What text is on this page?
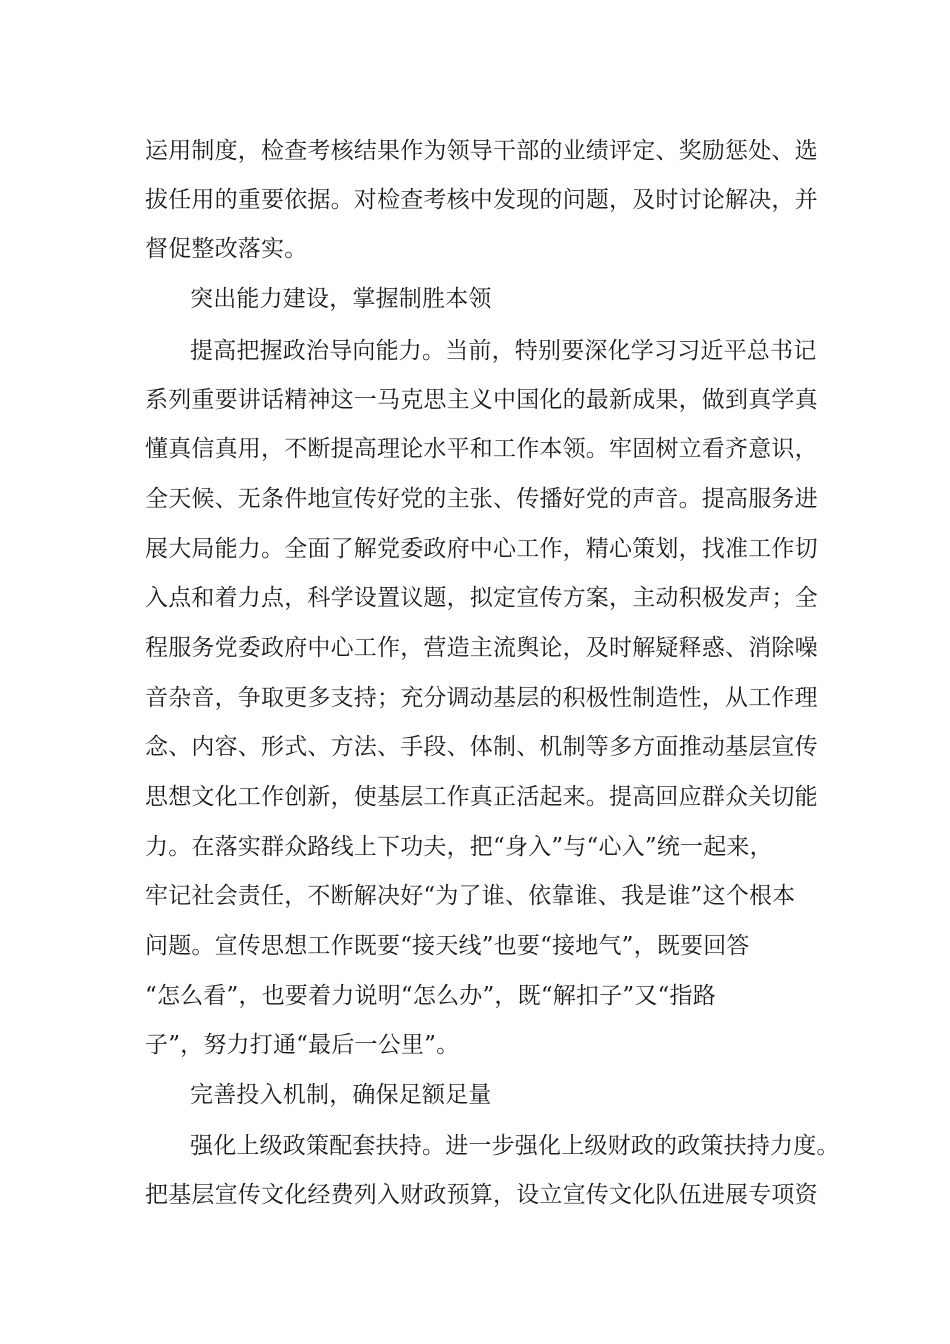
运用制度，检查考核结果作为领导干部的业绩评定、奖励惩处、选
拔任用的重要依据。对检查考核中发现的问题，及时讨论解决，并
督促整改落实。
突出能力建设，掌握制胜本领
提高把握政治导向能力。当前，特别要深化学习习近平总书记
系列重要讲话精神这一马克思主义中国化的最新成果，做到真学真
懂真信真用，不断提高理论水平和工作本领。牢固树立看齐意识，
全天候、无条件地宣传好党的主张、传播好党的声音。提高服务进
展大局能力。全面了解党委政府中心工作，精心策划，找准工作切
入点和着力点，科学设置议题，拟定宣传方案，主动积极发声；全
程服务党委政府中心工作，营造主流舆论，及时解疑释惑、消除噪
音杂音，争取更多支持；充分调动基层的积极性制造性，从工作理
念、内容、形式、方法、手段、体制、机制等多方面推动基层宣传
思想文化工作创新，使基层工作真正活起来。提高回应群众关切能
力。在落实群众路线上下功夫，把“身入”与“心入”统一起来，
牢记社会责任，不断解决好“为了谁、依靠谁、我是谁”这个根本
问题。宣传思想工作既要“接天线”也要“接地气”，既要回答
“怎么看”，也要着力说明“怎么办”，既“解扣子”又“指路
子”，努力打通“最后一公里”。
完善投入机制，确保足额足量
强化上级政策配套扶持。进一步强化上级财政的政策扶持力度。
把基层宣传文化经费列入财政预算，设立宣传文化队伍进展专项资
